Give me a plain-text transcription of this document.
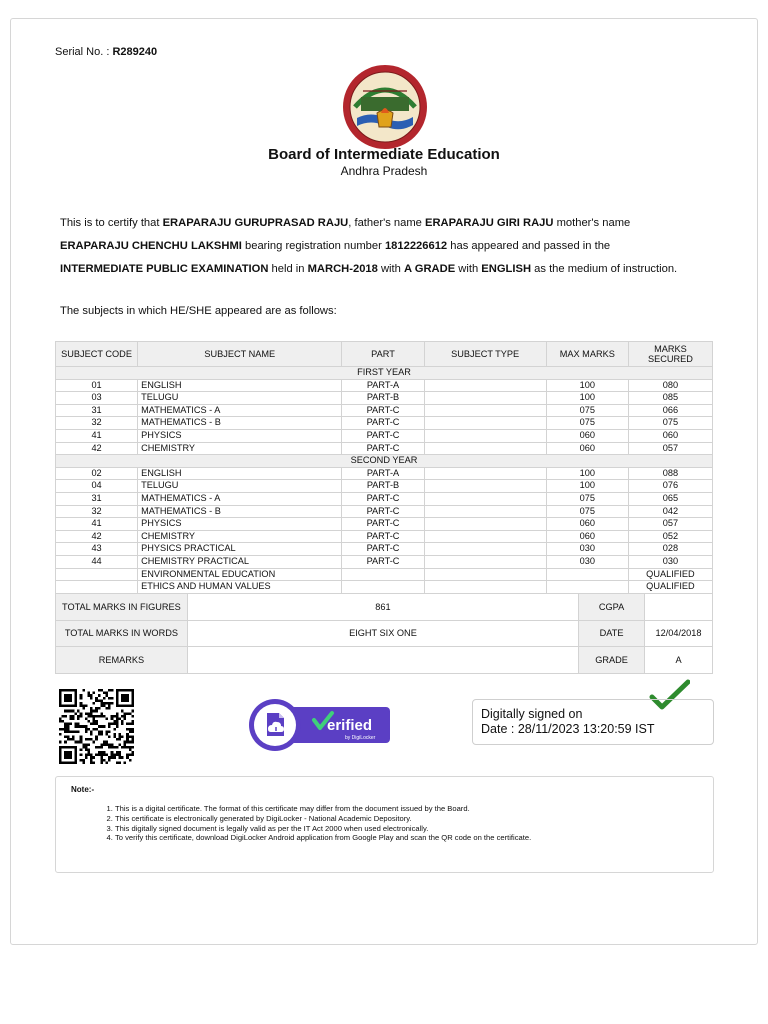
Serial No. : R289240
Board of Intermediate Education
Andhra Pradesh
This is to certify that ERAPARAJU GURUPRASAD RAJU, father's name ERAPARAJU GIRI RAJU mother's name
ERAPARAJU CHENCHU LAKSHMI bearing registration number 1812226612 has appeared and passed in the
INTERMEDIATE PUBLIC EXAMINATION held in MARCH-2018 with A GRADE with ENGLISH as the medium of instruction.
The subjects in which HE/SHE appeared are as follows:
SUBJECT CODE	SUBJECT NAME	PART	SUBJECT TYPE	MAX MARKS	MARKS SECURED
FIRST YEAR					
01	ENGLISH	PART-A		100	080
03	TELUGU	PART-B		100	085
31	MATHEMATICS - A	PART-C		075	066
32	MATHEMATICS - B	PART-C		075	075
41	PHYSICS	PART-C		060	060
42	CHEMISTRY	PART-C		060	057
SECOND YEAR					
02	ENGLISH	PART-A		100	088
04	TELUGU	PART-B		100	076
31	MATHEMATICS - A	PART-C		075	065
32	MATHEMATICS - B	PART-C		075	042
41	PHYSICS	PART-C		060	057
42	CHEMISTRY	PART-C		060	052
43	PHYSICS PRACTICAL	PART-C		030	028
44	CHEMISTRY PRACTICAL	PART-C		030	030
	ENVIRONMENTAL EDUCATION				QUALIFIED
	ETHICS AND HUMAN VALUES				QUALIFIED
TOTAL MARKS IN FIGURES	861	CGPA	
TOTAL MARKS IN WORDS	EIGHT SIX ONE	DATE	12/04/2018
REMARKS		GRADE	A
erified
by DigiLocker
Digitally signed on
Date : 28/11/2023 13:20:59 IST
Note:-
1. This is a digital certificate. The format of this certificate may differ from the document issued by the Board.
2. This certificate is electronically generated by DigiLocker - National Academic Depository.
3. This digitally signed document is legally valid as per the IT Act 2000 when used electronically.
4. To verify this certificate, download DigiLocker Android application from Google Play and scan the QR code on the certificate.
